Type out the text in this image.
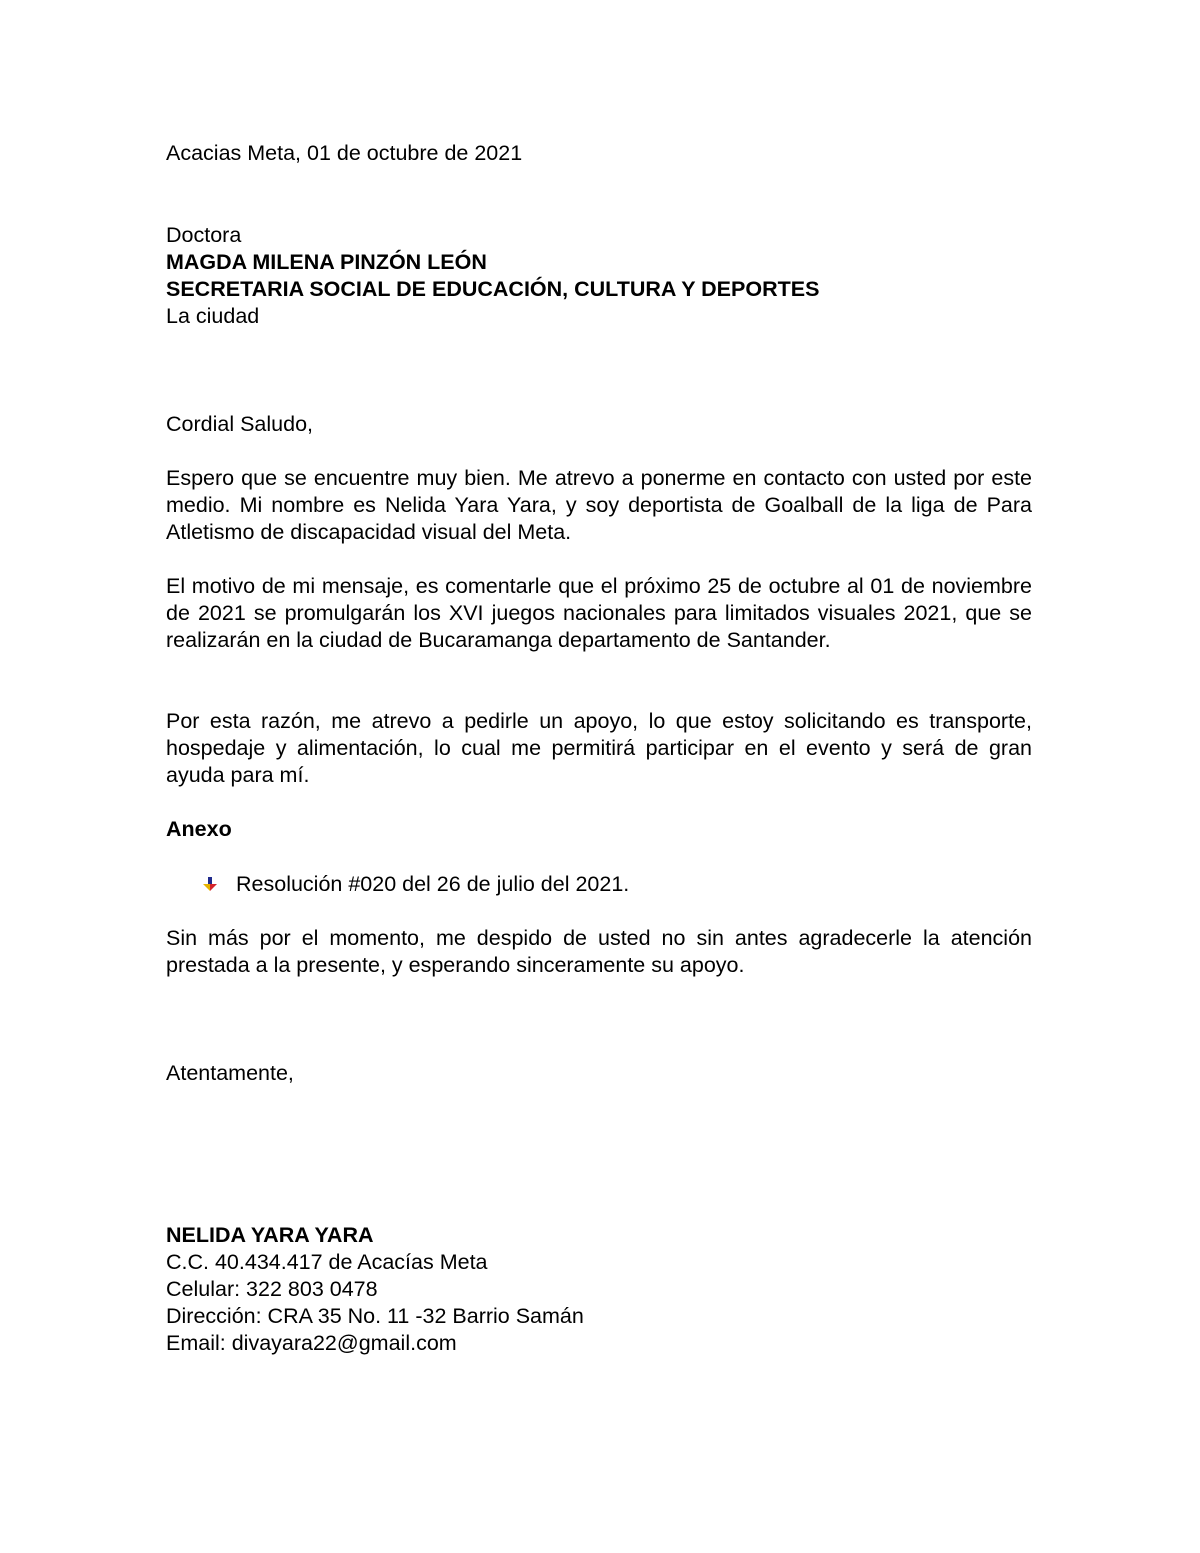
Acacias Meta, 01 de octubre de 2021
Doctora
MAGDA MILENA PINZÓN LEÓN
SECRETARIA SOCIAL DE EDUCACIÓN, CULTURA Y DEPORTES
La ciudad
Cordial Saludo,
Espero que se encuentre muy bien. Me atrevo a ponerme en contacto con usted por este medio. Mi nombre es Nelida Yara Yara, y soy deportista de Goalball de la liga de Para Atletismo de discapacidad visual del Meta.
El motivo de mi mensaje, es comentarle que el próximo 25 de octubre al 01 de noviembre de 2021 se promulgarán los XVI juegos nacionales para limitados visuales 2021, que se realizarán en la ciudad de Bucaramanga departamento de Santander.
Por esta razón, me atrevo a pedirle un apoyo, lo que estoy solicitando es transporte, hospedaje y alimentación, lo cual me permitirá participar en el evento y será de gran ayuda para mí.
Anexo
Resolución #020 del 26 de julio del 2021.
Sin más por el momento, me despido de usted no sin antes agradecerle la atención prestada a la presente, y esperando sinceramente su apoyo.
Atentamente,
NELIDA YARA YARA
C.C. 40.434.417 de Acacías Meta
Celular: 322 803 0478
Dirección: CRA 35 No. 11 -32 Barrio Samán
Email: divayara22@gmail.com
